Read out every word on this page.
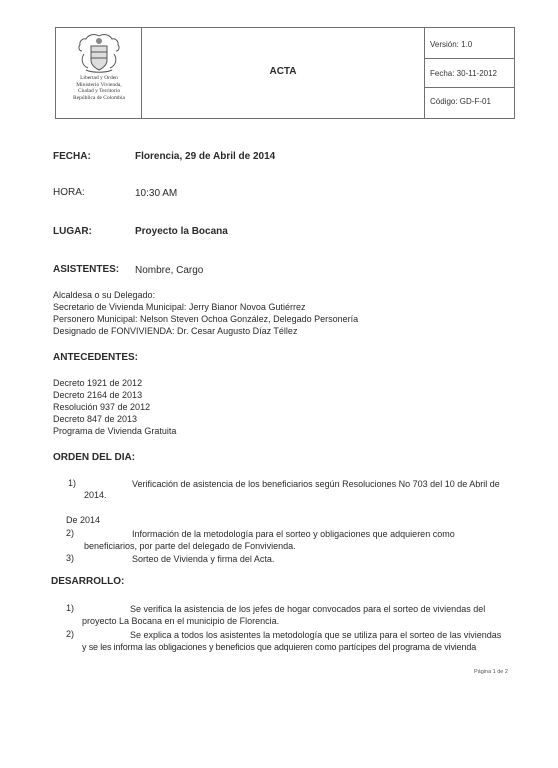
Libertad y Orden
Ministerio Vivienda,
Ciudad y Territorio
República de Colombia
ACTA
Versión: 1.0
Fecha: 30-11-2012
Código: GD-F-01
FECHA:	Florencia, 29 de Abril de 2014
HORA:	10:30 AM
LUGAR:	Proyecto la Bocana
ASISTENTES: Nombre, Cargo
Alcaldesa o su Delegado:
Secretario de Vivienda Municipal: Jerry Bianor Novoa Gutiérrez
Personero Municipal: Nelson Steven Ochoa González, Delegado Personería
Designado de FONVIVIENDA: Dr. Cesar Augusto Díaz Téllez
ANTECEDENTES:
Decreto 1921 de 2012
Decreto 2164 de 2013
Resolución 937 de 2012
Decreto 847 de 2013
Programa de Vivienda Gratuita
ORDEN DEL DIA:
1)	Verificación de asistencia de los beneficiarios según Resoluciones No 703 del 10 de Abril de
2014.
De 2014
2)	Información de la metodología para el sorteo y obligaciones que adquieren como
beneficiarios, por parte del delegado de Fonvivienda.
3)	Sorteo de Vivienda y firma del Acta.
DESARROLLO:
1)	Se verifica la asistencia de los jefes de hogar convocados para el sorteo de viviendas del
proyecto La Bocana en el municipio de Florencia.
2)	Se explica a todos los asistentes la metodología que se utiliza para el sorteo de las viviendas
y se les informa las obligaciones y beneficios que adquieren como partícipes del programa de vivienda
Página 1 de 2
